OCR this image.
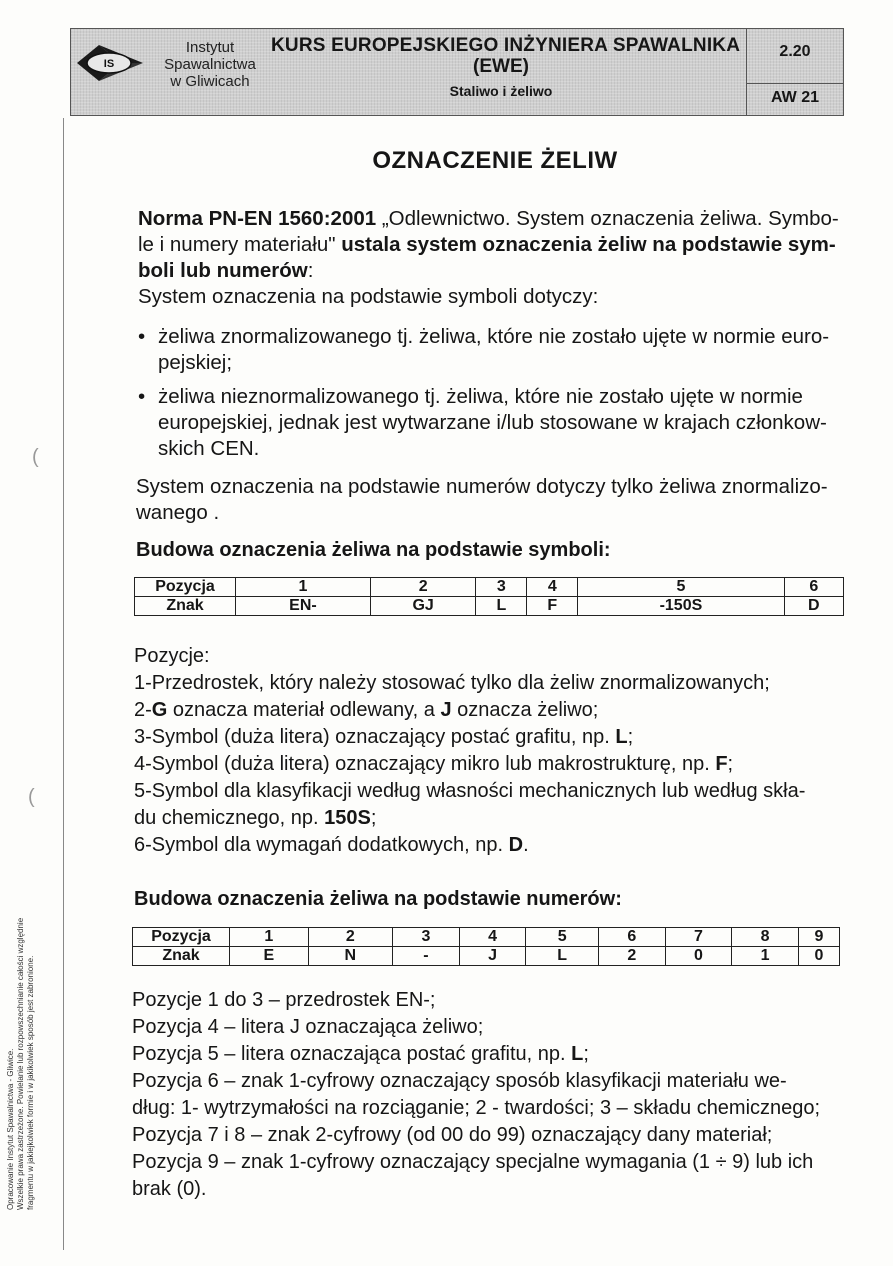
IS
Instytut
Spawalnictwa
w Gliwicach
KURS EUROPEJSKIEGO INŻYNIERA SPAWALNIKA
(EWE)
Staliwo i żeliwo
2.20
AW 21
(
(
Opracowanie Instytut Spawalnictwa - Gliwice. Wszelkie prawa zastrzeżone. Powielanie lub rozpowszechnianie całości względnie fragmentu w jakiejkolwiek formie i w jakikolwiek sposób jest zabronione.
OZNACZENIE ŻELIW
Norma PN-EN 1560:2001 „Odlewnictwo. System oznaczenia żeliwa. Symbo-
le i numery materiału" ustala system oznaczenia żeliw na podstawie sym-
boli lub numerów:
System oznaczenia na podstawie symboli dotyczy:
• żeliwa znormalizowanego tj. żeliwa, które nie zostało ujęte w normie euro-
pejskiej;
• żeliwa nieznormalizowanego tj. żeliwa, które nie zostało ujęte w normie
europejskiej, jednak jest wytwarzane i/lub stosowane w krajach członkow-
skich CEN.
System oznaczenia na podstawie numerów dotyczy tylko żeliwa znormalizo-
wanego .
Budowa oznaczenia żeliwa na podstawie symboli:
Pozycja	1	2	3	4	5	6
Znak	EN-	GJ	L	F	-150S	D
Pozycje:
1-Przedrostek, który należy stosować tylko dla żeliw znormalizowanych;
2-G oznacza materiał odlewany, a J oznacza żeliwo;
3-Symbol (duża litera) oznaczający postać grafitu, np. L;
4-Symbol (duża litera) oznaczający mikro lub makrostrukturę, np. F;
5-Symbol dla klasyfikacji według własności mechanicznych lub według skła-
du chemicznego, np. 150S;
6-Symbol dla wymagań dodatkowych, np. D.
Budowa oznaczenia żeliwa na podstawie numerów:
Pozycja	1	2	3	4	5	6	7	8	9
Znak	E	N	-	J	L	2	0	1	0
Pozycje 1 do 3 – przedrostek EN-;
Pozycja 4 – litera J oznaczająca żeliwo;
Pozycja 5 – litera oznaczająca postać grafitu, np. L;
Pozycja 6 – znak 1-cyfrowy oznaczający sposób klasyfikacji materiału we-
dług: 1- wytrzymałości na rozciąganie; 2 - twardości; 3 – składu chemicznego;
Pozycja 7 i 8 – znak 2-cyfrowy (od 00 do 99) oznaczający dany materiał;
Pozycja 9 – znak 1-cyfrowy oznaczający specjalne wymagania (1 ÷ 9) lub ich
brak (0).
